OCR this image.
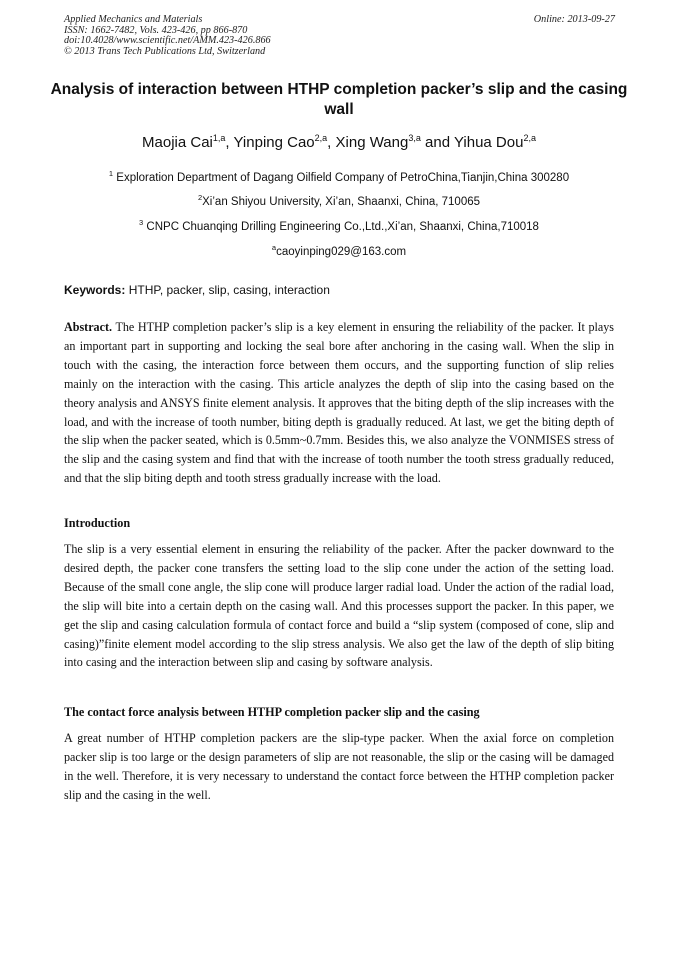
Applied Mechanics and Materials
ISSN: 1662-7482, Vols. 423-426, pp 866-870
doi:10.4028/www.scientific.net/AMM.423-426.866
© 2013 Trans Tech Publications Ltd, Switzerland
Online: 2013-09-27
Analysis of interaction between HTHP completion packer’s slip and the casing wall
Maojia Cai$^{1,a}$, Yinping Cao$^{2,a}$, Xing Wang$^{3,a}$ and Yihua Dou$^{2,a}$
$^1$ Exploration Department of Dagang Oilfield Company of PetroChina,Tianjin,China 300280
$^2$Xi’an Shiyou University, Xi’an, Shaanxi, China, 710065
$^3$ CNPC Chuanqing Drilling Engineering Co.,Ltd.,Xi’an, Shaanxi, China,710018
$^a$caoyinping029@163.com
Keywords: HTHP, packer, slip, casing, interaction
Abstract. The HTHP completion packer’s slip is a key element in ensuring the reliability of the packer. It plays an important part in supporting and locking the seal bore after anchoring in the casing wall. When the slip in touch with the casing, the interaction force between them occurs, and the supporting function of slip relies mainly on the interaction with the casing. This article analyzes the depth of slip into the casing based on the theory analysis and ANSYS finite element analysis. It approves that the biting depth of the slip increases with the load, and with the increase of tooth number, biting depth is gradually reduced. At last, we get the biting depth of the slip when the packer seated, which is 0.5mm~0.7mm. Besides this, we also analyze the VONMISES stress of the slip and the casing system and find that with the increase of tooth number the tooth stress gradually reduced, and that the slip biting depth and tooth stress gradually increase with the load.
Introduction
The slip is a very essential element in ensuring the reliability of the packer. After the packer downward to the desired depth, the packer cone transfers the setting load to the slip cone under the action of the setting load. Because of the small cone angle, the slip cone will produce larger radial load. Under the action of the radial load, the slip will bite into a certain depth on the casing wall. And this processes support the packer. In this paper, we get the slip and casing calculation formula of contact force and build a “slip system (composed of cone, slip and casing)”finite element model according to the slip stress analysis. We also get the law of the depth of slip biting into casing and the interaction between slip and casing by software analysis.
The contact force analysis between HTHP completion packer slip and the casing
A great number of HTHP completion packers are the slip-type packer. When the axial force on completion packer slip is too large or the design parameters of slip are not reasonable, the slip or the casing will be damaged in the well. Therefore, it is very necessary to understand the contact force between the HTHP completion packer slip and the casing in the well.
